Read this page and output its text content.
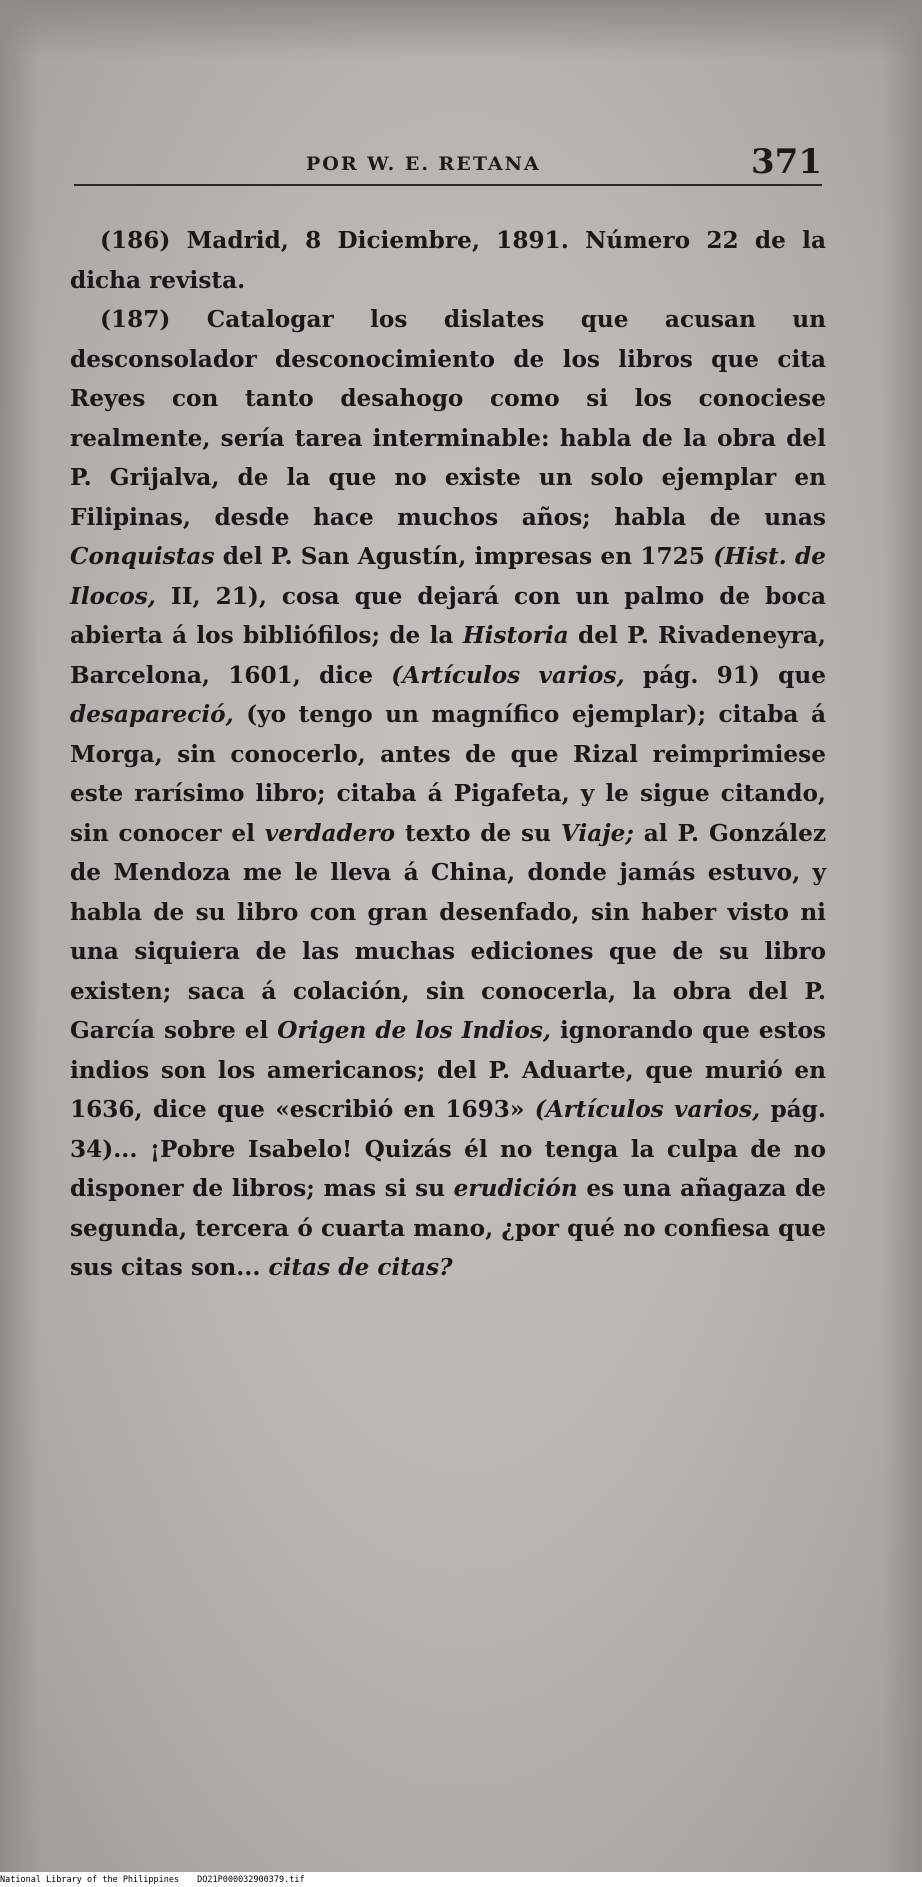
POR W. E. RETANA	371

(186) Madrid, 8 Diciembre, 1891. Número 22 de la dicha revista.

(187) Catalogar los dislates que acusan un desconsolador desconocimiento de los libros que cita Reyes con tanto desahogo como si los conociese realmente, sería tarea interminable: habla de la obra del P. Grijalva, de la que no existe un solo ejemplar en Filipinas, desde hace muchos años; habla de unas Conquistas del P. San Agustín, impresas en 1725 (Hist. de Ilocos, II, 21), cosa que dejará con un palmo de boca abierta á los bibliófilos; de la Historia del P. Rivadeneyra, Barcelona, 1601, dice (Artículos varios, pág. 91) que desapareció, (yo tengo un magnífico ejemplar); citaba á Morga, sin conocerlo, antes de que Rizal reimprimiese este rarísimo libro; citaba á Pigafeta, y le sigue citando, sin conocer el verdadero texto de su Viaje; al P. González de Mendoza me le lleva á China, donde jamás estuvo, y habla de su libro con gran desenfado, sin haber visto ni una siquiera de las muchas ediciones que de su libro existen; saca á colación, sin conocerla, la obra del P. García sobre el Origen de los Indios, ignorando que estos indios son los americanos; del P. Aduarte, que murió en 1636, dice que «escribió en 1693» (Artículos varios, pág. 34)... ¡Pobre Isabelo! Quizás él no tenga la culpa de no disponer de libros; mas si su erudición es una añagaza de segunda, tercera ó cuarta mano, ¿por qué no confiesa que sus citas son... citas de citas?

National Library of the Philippines DO21P000032900379.tif
